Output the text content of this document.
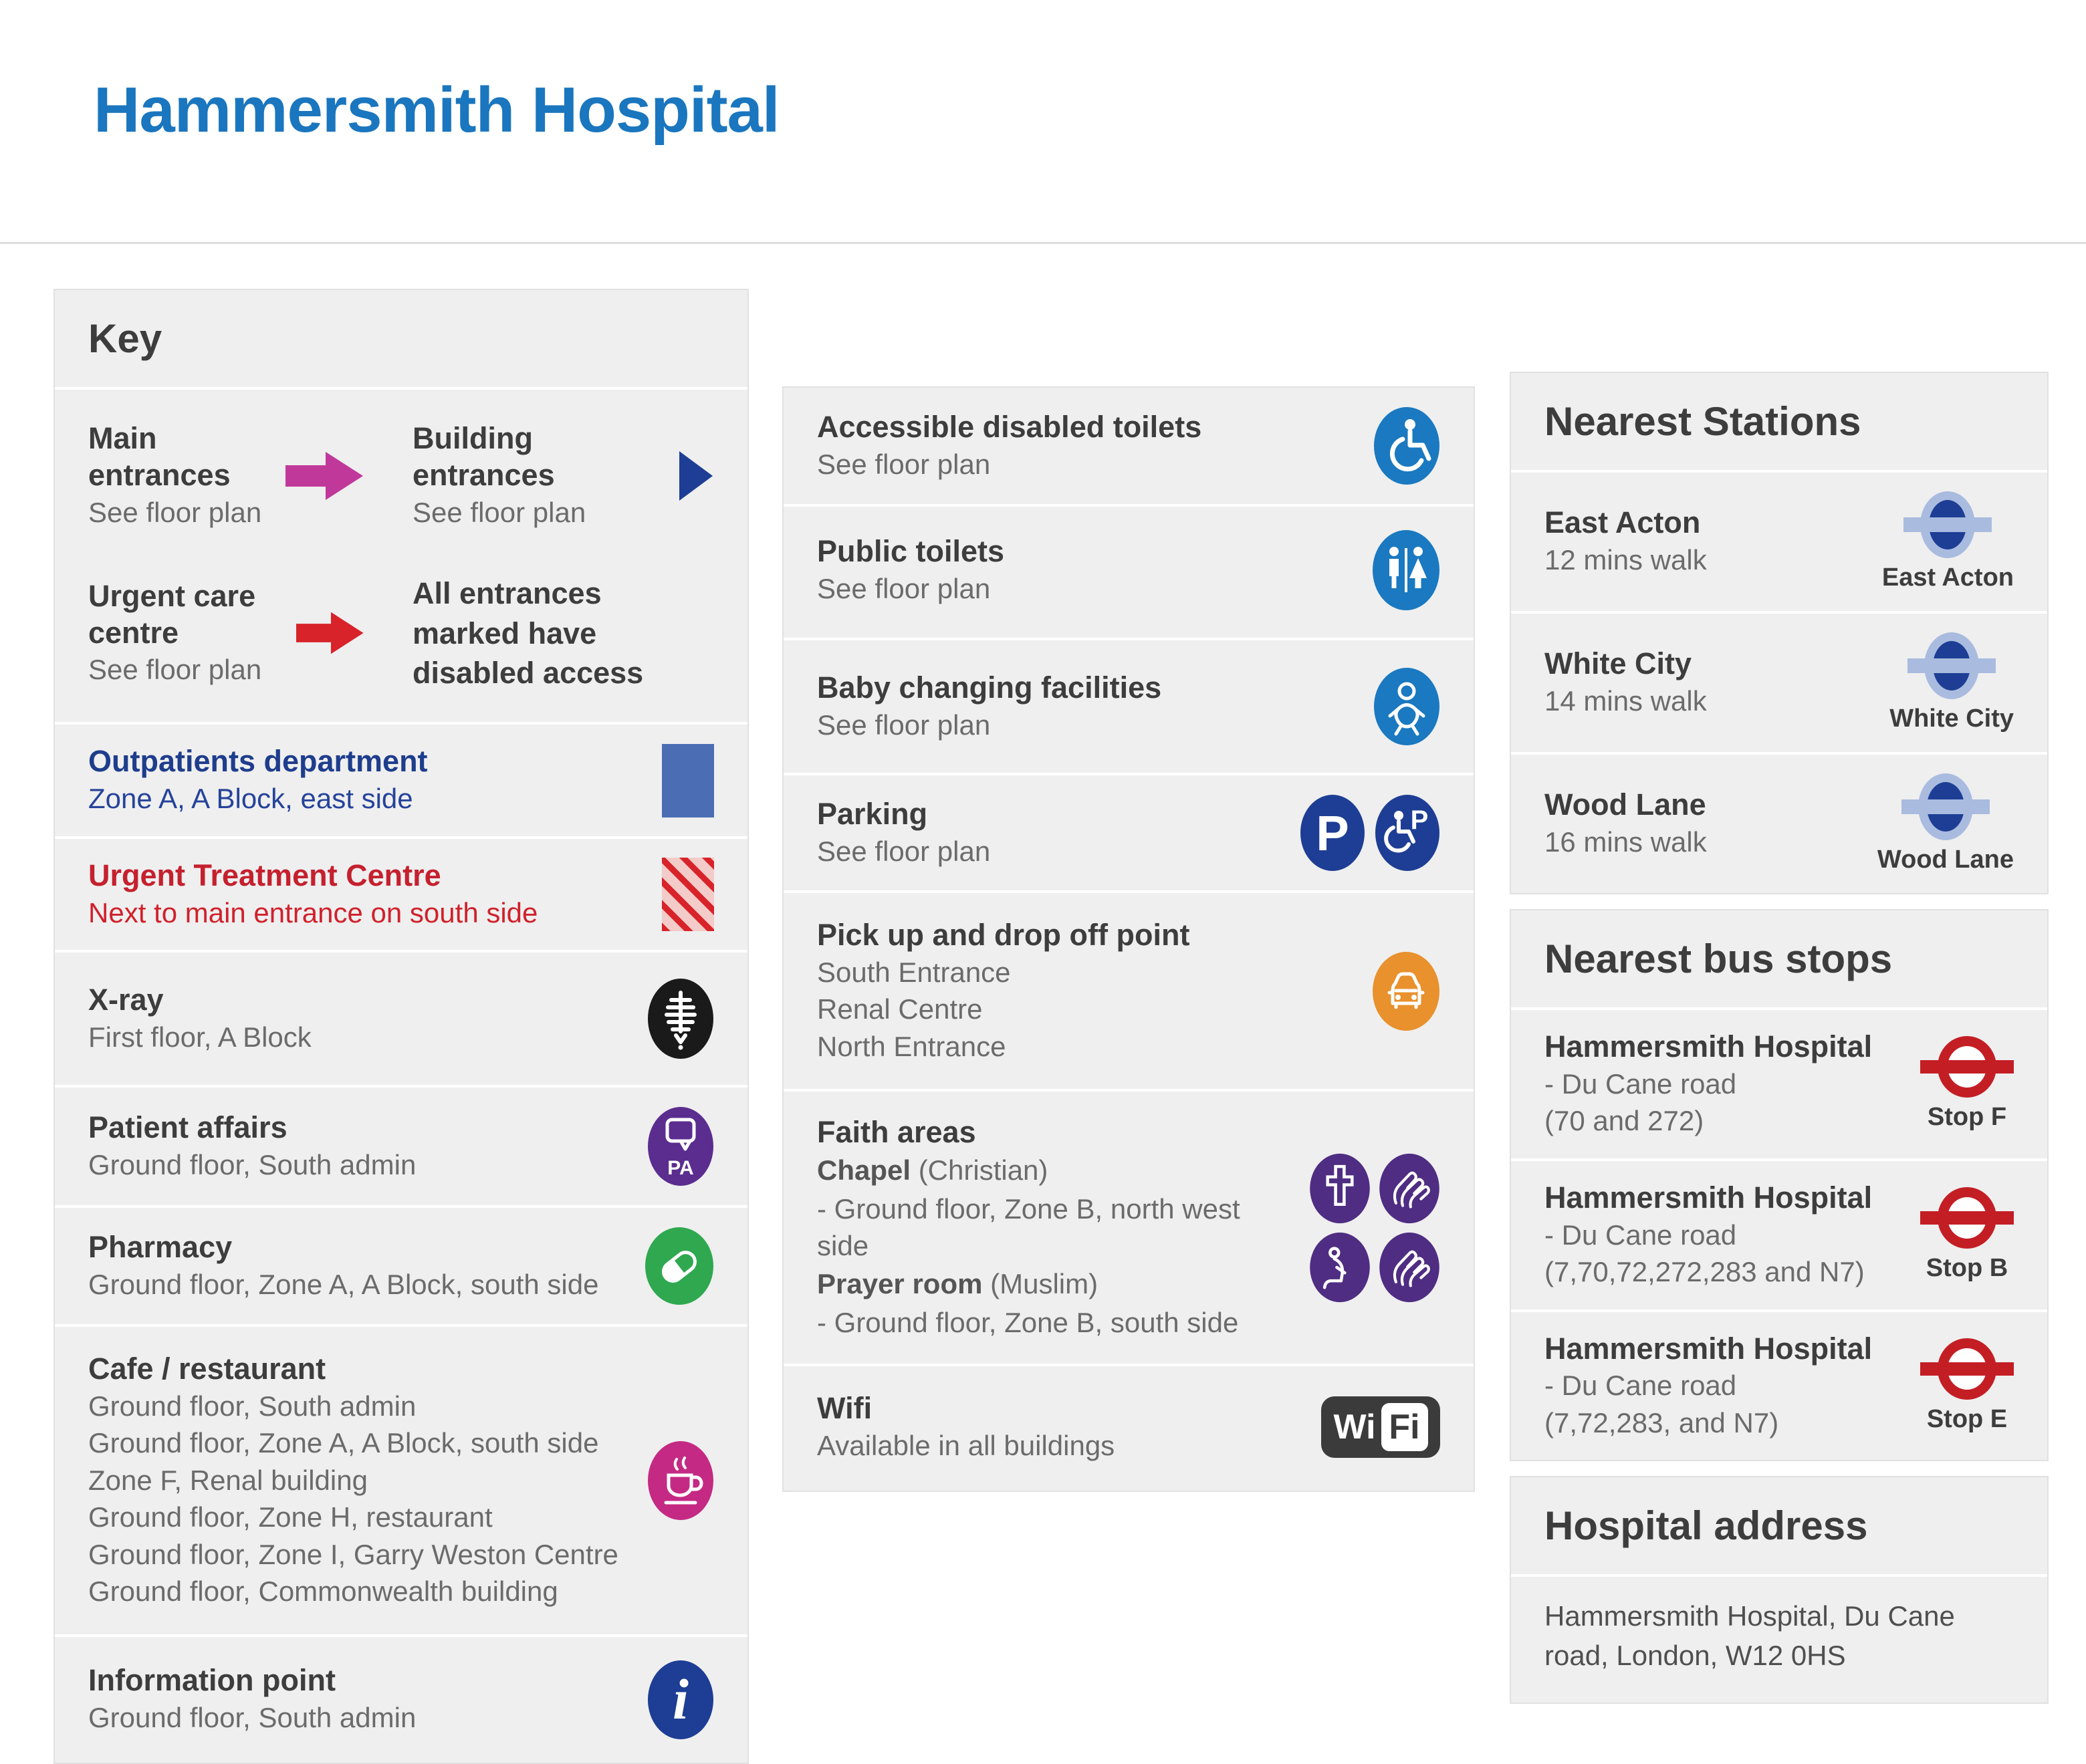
Hammersmith Hospital
Key
Main entrances
See floor plan
Building entrances
See floor plan
Urgent care centre
See floor plan
All entrances marked have disabled access
Outpatients department
Zone A, A Block, east side
Urgent Treatment Centre
Next to main entrance on south side
X-ray
First floor, A Block
Patient affairs
Ground floor, South admin	PA
Pharmacy
Ground floor, Zone A, A Block, south side
Cafe / restaurant
Ground floor, South admin
Ground floor, Zone A, A Block, south side
Zone F, Renal building
Ground floor, Zone H, restaurant
Ground floor, Zone I, Garry Weston Centre
Ground floor, Commonwealth building
Information point
Ground floor, South admin	i
Accessible disabled toilets
See floor plan
Public toilets
See floor plan
Baby changing facilities
See floor plan
Parking
See floor plan	P P
Pick up and drop off point
South Entrance
Renal Centre
North Entrance
Faith areas
Chapel (Christian)
- Ground floor, Zone B, north west side
Prayer room (Muslim)
- Ground floor, Zone B, south side
Wifi
Available in all buildings	Wi Fi
Nearest Stations
East Acton
12 mins walk
East Acton
White City
14 mins walk
White City
Wood Lane
16 mins walk
Wood Lane
Nearest bus stops
Hammersmith Hospital
- Du Cane road
(70 and 272)	Stop F
Hammersmith Hospital
- Du Cane road
(7,70,72,272,283 and N7)	Stop B
Hammersmith Hospital
- Du Cane road
(7,72,283, and N7)	Stop E
Hospital address
Hammersmith Hospital, Du Cane road, London, W12 0HS
